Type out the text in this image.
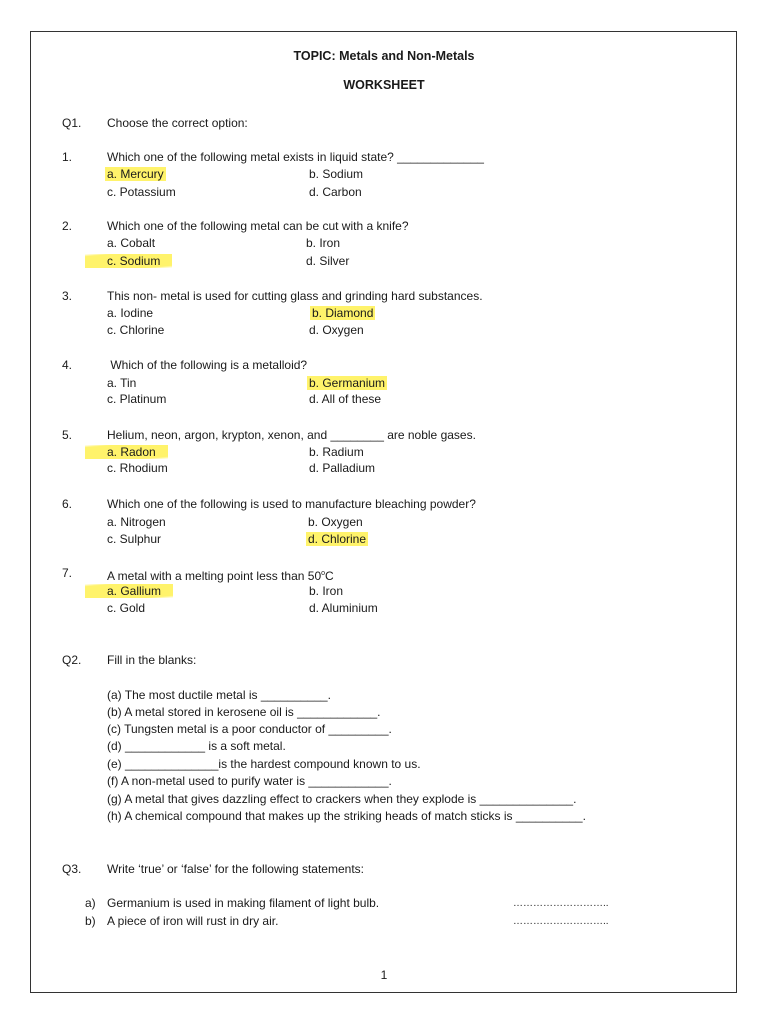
TOPIC: Metals and Non-Metals
WORKSHEET
Q1. Choose the correct option:
1.	Which one of the following metal exists in liquid state? _____________
a. Mercury	b. Sodium
c. Potassium	d. Carbon
2.	Which one of the following metal can be cut with a knife?
a. Cobalt	b. Iron
c. Sodium	d. Silver
3.	This non- metal is used for cutting glass and grinding hard substances.
a. Iodine	b. Diamond
c. Chlorine	d. Oxygen
4.	Which of the following is a metalloid?
a. Tin	b. Germanium
c. Platinum	d. All of these
5.	Helium, neon, argon, krypton, xenon, and ________ are noble gases.
a. Radon	b. Radium
c. Rhodium	d. Palladium
6.	Which one of the following is used to manufacture bleaching powder?
a. Nitrogen	b. Oxygen
c. Sulphur	d. Chlorine
7.	A metal with a melting point less than 50$^o$C
a. Gallium	b. Iron
c. Gold	d. Aluminium
Q2. Fill in the blanks:
(a) The most ductile metal is __________.
(b) A metal stored in kerosene oil is ____________.
(c) Tungsten metal is a poor conductor of _________.
(d) ____________ is a soft metal.
(e) ______________is the hardest compound known to us.
(f) A non-metal used to purify water is ____________.
(g) A metal that gives dazzling effect to crackers when they explode is ______________.
(h) A chemical compound that makes up the striking heads of match sticks is __________.
Q3. Write ‘true’ or ‘false’ for the following statements:
a) Germanium is used in making filament of light bulb.	………………………..
b) A piece of iron will rust in dry air.	………………………..
1
